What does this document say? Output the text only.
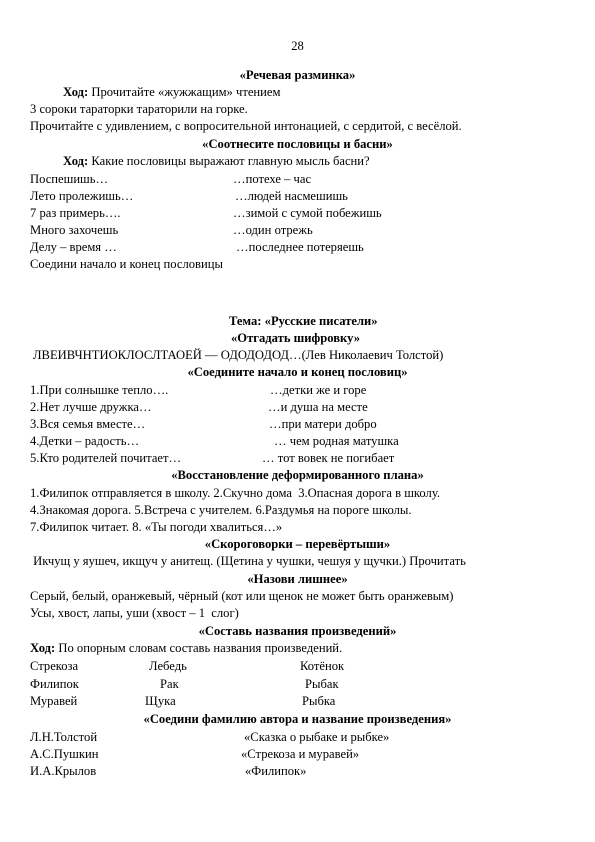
28
«Речевая разминка»
Ход: Прочитайте «жужжащим» чтением
3 сороки тараторки тараторили на горке.
Прочитайте с удивлением, с вопросительной интонацией, с сердитой, с весёлой.
«Соотнесите пословицы и басни»
Ход: Какие пословицы выражают главную мысль басни?
Поспешишь…	…потехе – час
Лето пролежишь…	…людей насмешишь
7 раз примерь….	…зимой с сумой побежишь
Много захочешь	…один отрежь
Делу – время …	…последнее потеряешь
Соедини начало и конец пословицы
Тема: «Русские писатели»
«Отгадать шифровку»
ЛВЕИВЧНТИОКЛОСЛТАОЕЙ — ОДОДОДОД…(Лев Николаевич Толстой)
«Соедините начало и конец пословиц»
1.При солнышке тепло….	…детки же и горе
2.Нет лучше дружка…	…и душа на месте
3.Вся семья вместе…	…при матери добро
4.Детки – радость…	… чем родная матушка
5.Кто родителей почитает…	… тот вовек не погибает
«Восстановление деформированного плана»
1.Филипок отправляется в школу. 2.Скучно дома  3.Опасная дорога в школу.
4.Знакомая дорога. 5.Встреча с учителем. 6.Раздумья на пороге школы.
7.Филипок читает. 8. «Ты погоди хвалиться…»
«Скороговорки – перевёртыши»
Икчущ у яушеч, икщуч у анитещ. (Щетина у чушки, чешуя у щучки.) Прочитать
«Назови лишнее»
Серый, белый, оранжевый, чёрный (кот или щенок не может быть оранжевым)
Усы, хвост, лапы, уши (хвост – 1  слог)
«Составь названия произведений»
Ход: По опорным словам составь названия произведений.
Стрекоза	Лебедь	Котёнок
Филипок	Рак	Рыбак
Муравей	Щука	Рыбка
«Соедини фамилию автора и название произведения»
Л.Н.Толстой	«Сказка о рыбаке и рыбке»
А.С.Пушкин	«Стрекоза и муравей»
И.А.Крылов	«Филипок»
